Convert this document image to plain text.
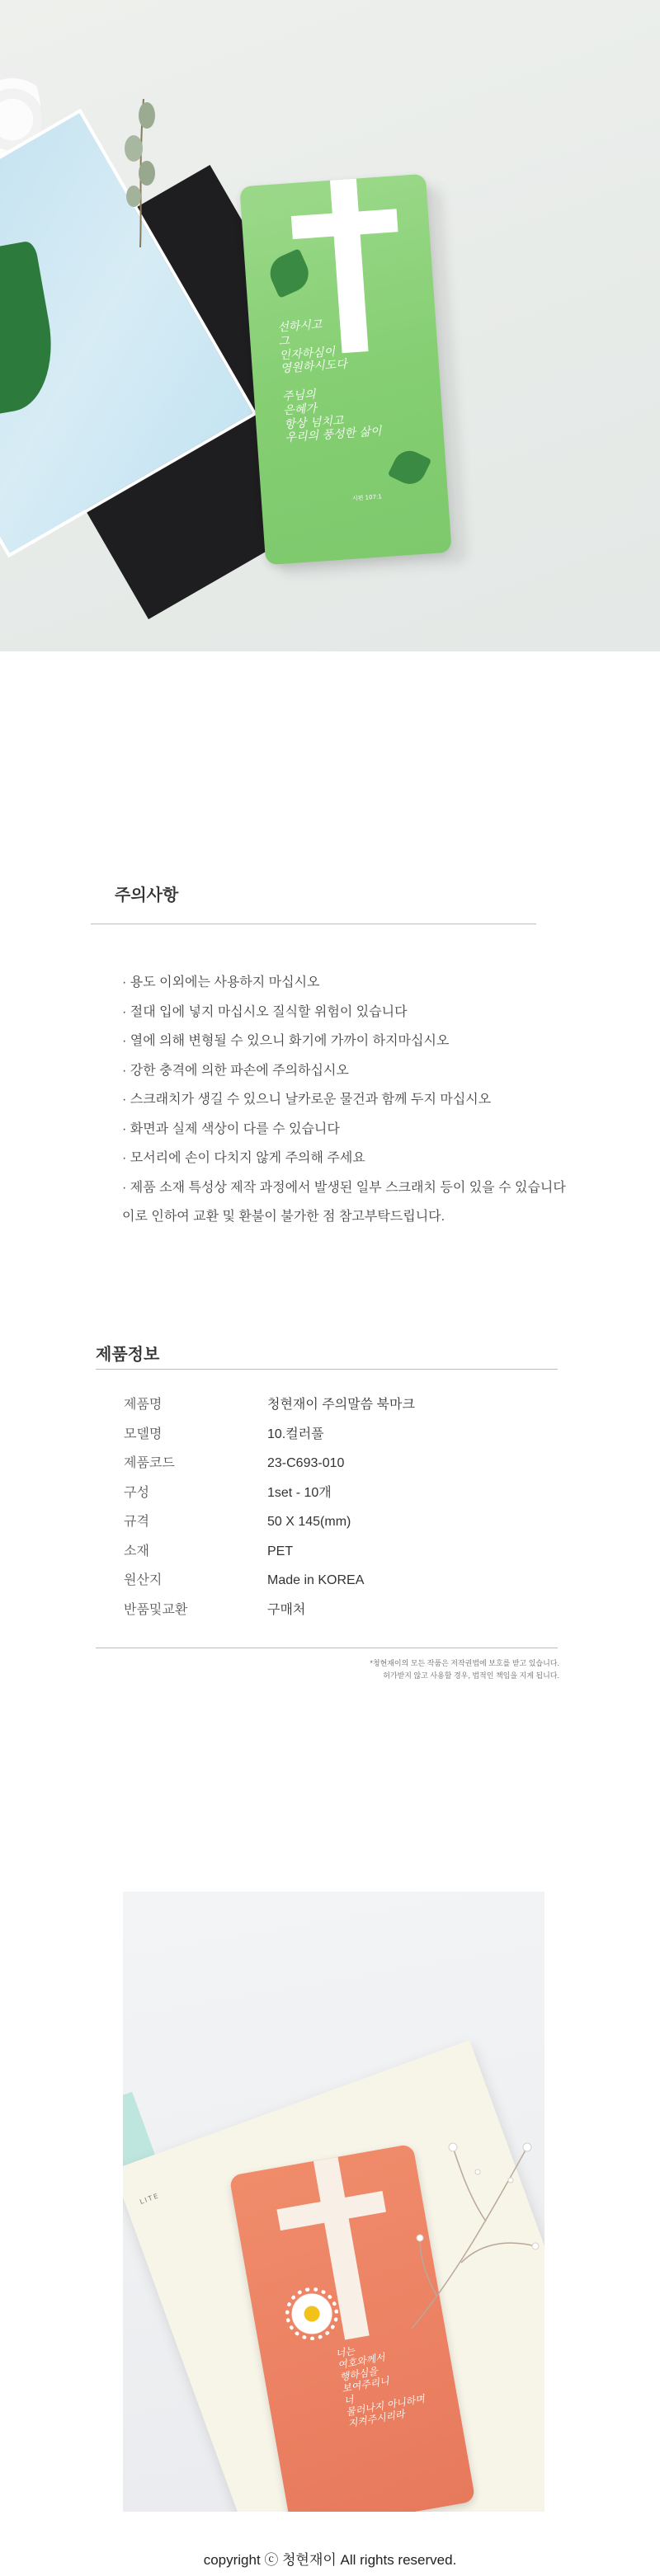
선하시고
그
인자하심이
영원하시도다

주님의
은혜가
항상 넘치고
우리의 풍성한 삶이
시편 107:1
주의사항
· 용도 이외에는 사용하지 마십시오
· 절대 입에 넣지 마십시오 질식할 위험이 있습니다
· 열에 의해 변형될 수 있으니 화기에 가까이 하지마십시오
· 강한 충격에 의한 파손에 주의하십시오
· 스크래치가 생길 수 있으니 날카로운 물건과 함께 두지 마십시오
· 화면과 실제 색상이 다를 수 있습니다
· 모서리에 손이 다치지 않게 주의해 주세요
· 제품 소재 특성상 제작 과정에서 발생된 일부 스크래치 등이 있을 수 있습니다
이로 인하여 교환 및 환불이 불가한 점 참고부탁드립니다.
제품정보
제품명	청현재이 주의말씀 북마크
모델명	10.컬러풀
제품코드	23-C693-010
구성	1set - 10개
규격	50 X 145(mm)
소재	PET
원산지	Made in KOREA
반품및교환	구매처
*청현재이의 모든 작품은 저작권법에 보호를 받고 있습니다.
허가받지 않고 사용할 경우, 법적인 책임을 지게 됩니다.
LITE
너는
여호와께서
행하심을
보여주리니
너
물러나지 아니하며
지켜주시리라
copyright ⓒ 청현재이 All rights reserved.
